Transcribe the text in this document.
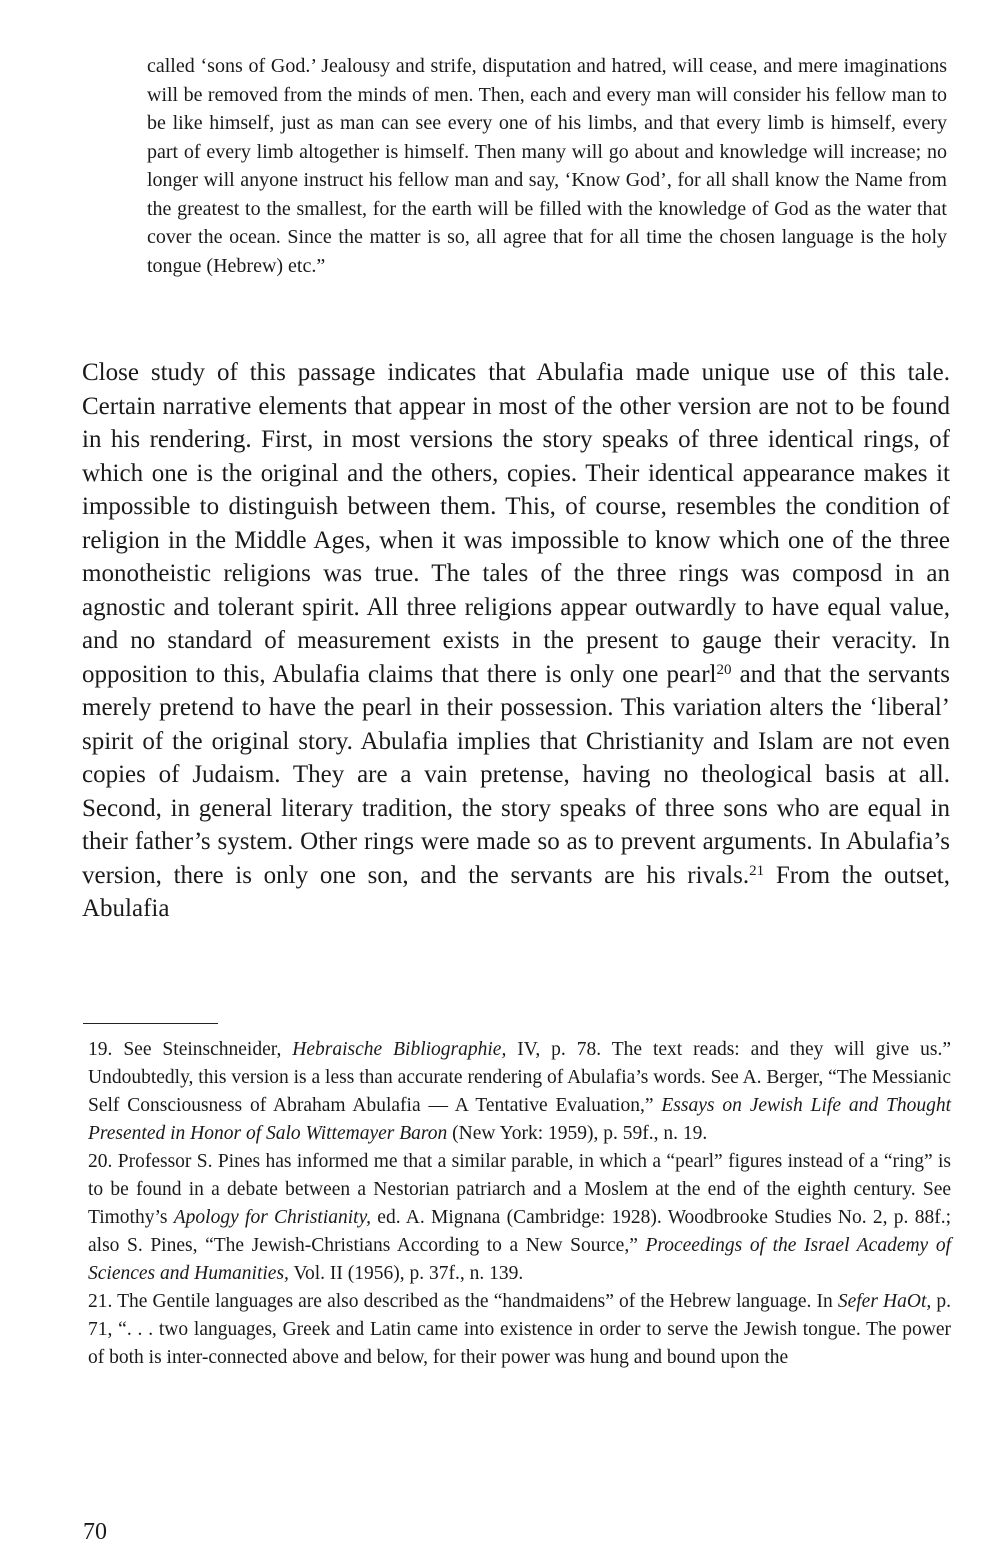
called ‘sons of God.’ Jealousy and strife, disputation and hatred, will cease, and mere imaginations will be removed from the minds of men. Then, each and every man will consider his fellow man to be like himself, just as man can see every one of his limbs, and that every limb is himself, every part of every limb altogether is himself. Then many will go about and knowledge will increase; no longer will anyone instruct his fellow man and say, ‘Know God’, for all shall know the Name from the greatest to the smallest, for the earth will be filled with the knowledge of God as the water that cover the ocean. Since the matter is so, all agree that for all time the chosen language is the holy tongue (Hebrew) etc.”

Close study of this passage indicates that Abulafia made unique use of this tale. Certain narrative elements that appear in most of the other version are not to be found in his rendering. First, in most versions the story speaks of three identical rings, of which one is the original and the others, copies. Their identical appearance makes it impossible to distinguish between them. This, of course, resembles the condition of religion in the Middle Ages, when it was impossible to know which one of the three monotheistic religions was true. The tales of the three rings was composd in an agnostic and tolerant spirit. All three religions appear outwardly to have equal value, and no standard of measurement exists in the present to gauge their veracity. In opposition to this, Abulafia claims that there is only one pearl$^{20}$ and that the servants merely pretend to have the pearl in their possession. This variation alters the ‘liberal’ spirit of the original story. Abulafia implies that Christianity and Islam are not even copies of Judaism. They are a vain pretense, having no theological basis at all. Second, in general literary tradition, the story speaks of three sons who are equal in their father’s system. Other rings were made so as to prevent arguments. In Abulafia’s version, there is only one son, and the servants are his rivals.$^{21}$ From the outset, Abulafia

19. See Steinschneider, Hebraische Bibliographie, IV, p. 78. The text reads: and they will give us.” Undoubtedly, this version is a less than accurate rendering of Abulafia’s words. See A. Berger, “The Messianic Self Consciousness of Abraham Abulafia — A Tentative Evaluation,” Essays on Jewish Life and Thought Presented in Honor of Salo Wittemayer Baron (New York: 1959), p. 59f., n. 19.

20. Professor S. Pines has informed me that a similar parable, in which a “pearl” figures instead of a “ring” is to be found in a debate between a Nestorian patriarch and a Moslem at the end of the eighth century. See Timothy’s Apology for Christianity, ed. A. Mignana (Cambridge: 1928). Woodbrooke Studies No. 2, p. 88f.; also S. Pines, “The Jewish-Christians According to a New Source,” Proceedings of the Israel Academy of Sciences and Humanities, Vol. II (1956), p. 37f., n. 139.

21. The Gentile languages are also described as the “handmaidens” of the Hebrew language. In Sefer HaOt, p. 71, “. . . two languages, Greek and Latin came into existence in order to serve the Jewish tongue. The power of both is inter-connected above and below, for their power was hung and bound upon the

70
